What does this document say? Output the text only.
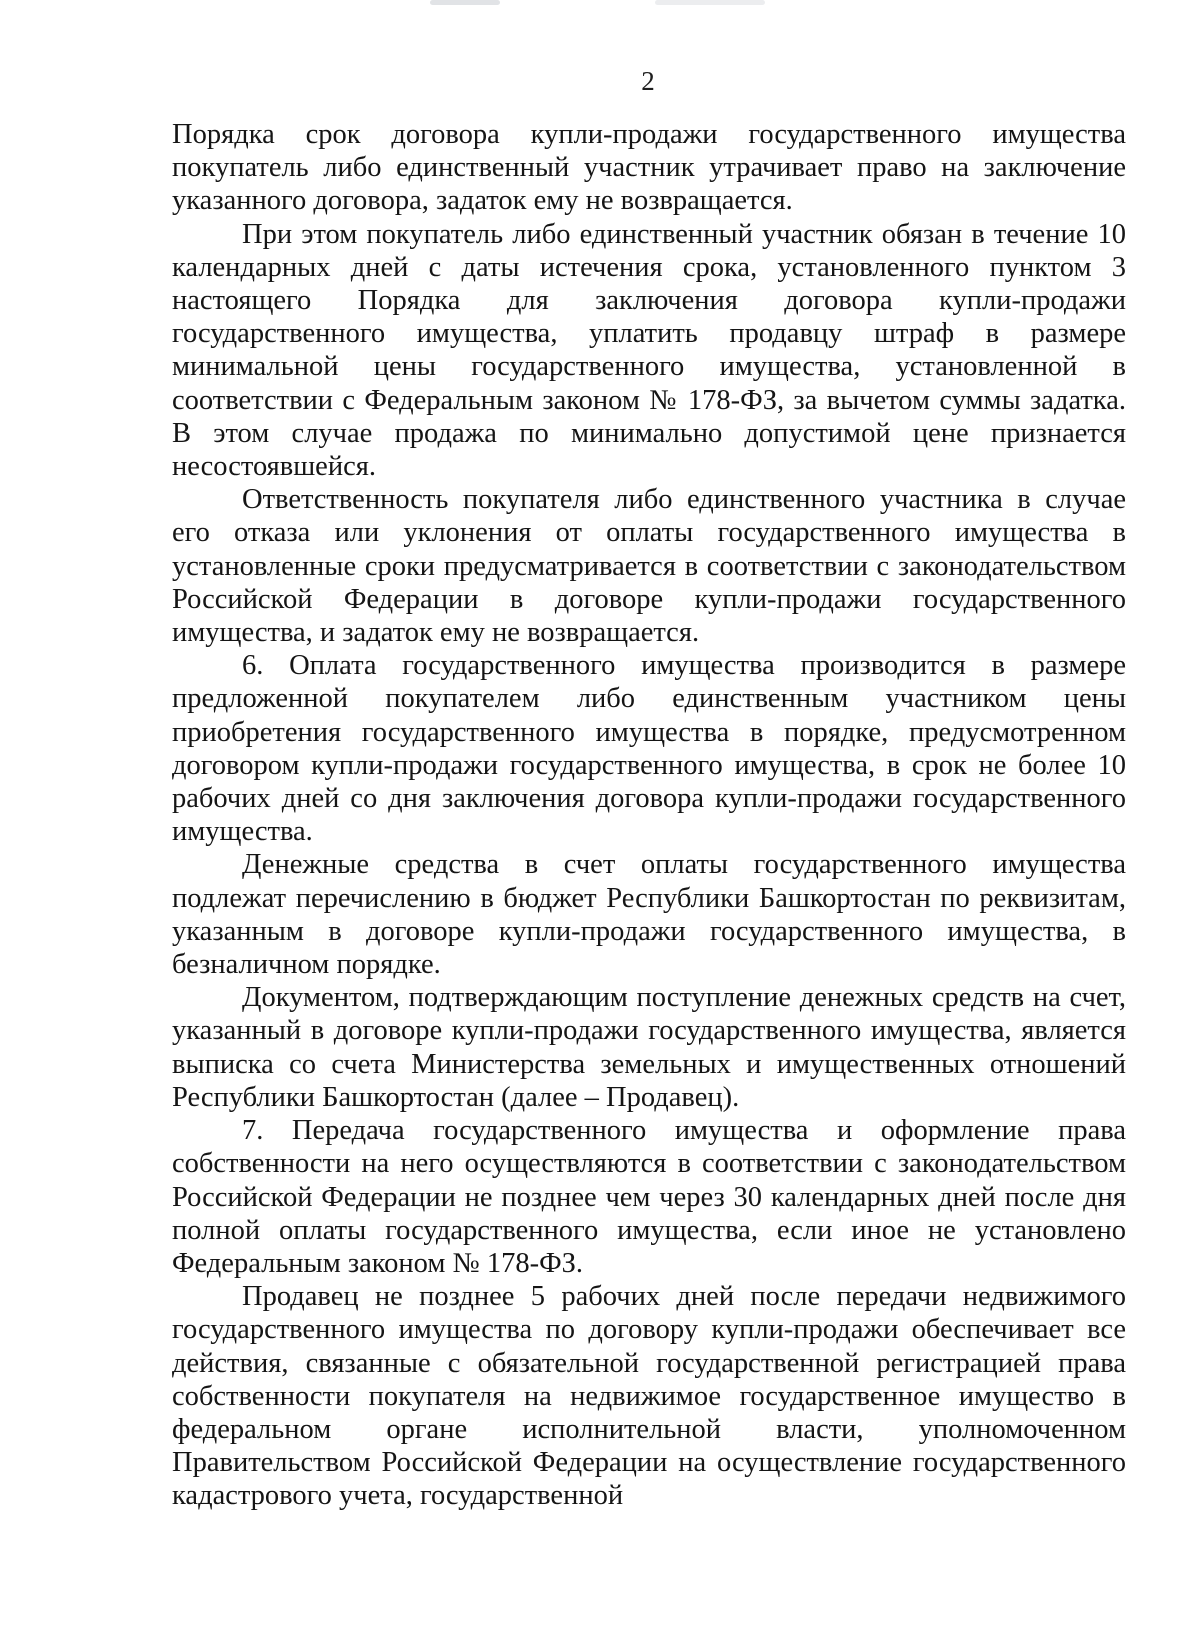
2

Порядка срок договора купли-продажи государственного имущества покупатель либо единственный участник утрачивает право на заключение указанного договора, задаток ему не возвращается.

При этом покупатель либо единственный участник обязан в течение 10 календарных дней с даты истечения срока, установленного пунктом 3 настоящего Порядка для заключения договора купли-продажи государственного имущества, уплатить продавцу штраф в размере минимальной цены государственного имущества, установленной в соответствии с Федеральным законом № 178-ФЗ, за вычетом суммы задатка. В этом случае продажа по минимально допустимой цене признается несостоявшейся.

Ответственность покупателя либо единственного участника в случае его отказа или уклонения от оплаты государственного имущества в установленные сроки предусматривается в соответствии с законодательством Российской Федерации в договоре купли-продажи государственного имущества, и задаток ему не возвращается.

6. Оплата государственного имущества производится в размере предложенной покупателем либо единственным участником цены приобретения государственного имущества в порядке, предусмотренном договором купли-продажи государственного имущества, в срок не более 10 рабочих дней со дня заключения договора купли-продажи государственного имущества.

Денежные средства в счет оплаты государственного имущества подлежат перечислению в бюджет Республики Башкортостан по реквизитам, указанным в договоре купли-продажи государственного имущества, в безналичном порядке.

Документом, подтверждающим поступление денежных средств на счет, указанный в договоре купли-продажи государственного имущества, является выписка со счета Министерства земельных и имущественных отношений Республики Башкортостан (далее – Продавец).

7. Передача государственного имущества и оформление права собственности на него осуществляются в соответствии с законодательством Российской Федерации не позднее чем через 30 календарных дней после дня полной оплаты государственного имущества, если иное не установлено Федеральным законом № 178-ФЗ.

Продавец не позднее 5 рабочих дней после передачи недвижимого государственного имущества по договору купли-продажи обеспечивает все действия, связанные с обязательной государственной регистрацией права собственности покупателя на недвижимое государственное имущество в федеральном органе исполнительной власти, уполномоченном Правительством Российской Федерации на осуществление государственного кадастрового учета, государственной
